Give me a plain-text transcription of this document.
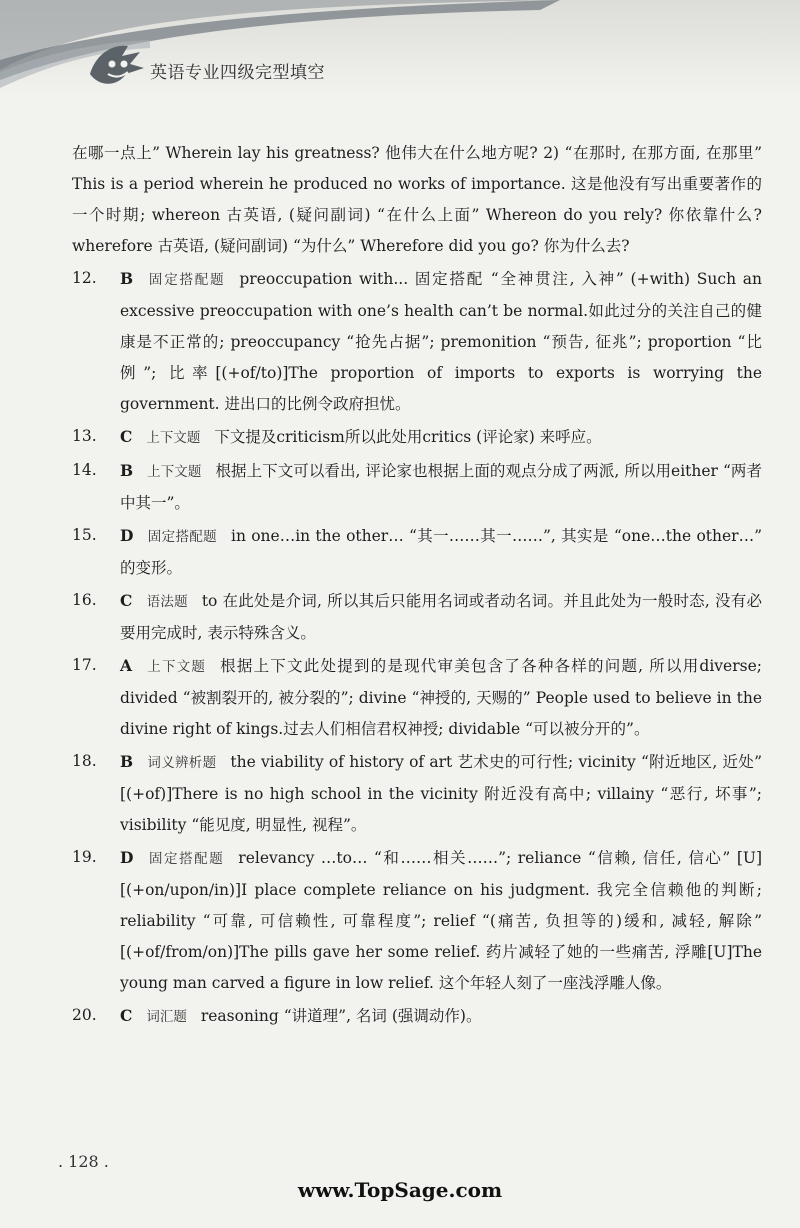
英语专业四级完型填空
在哪一点上” Wherein lay his greatness? 他伟大在什么地方呢? 2) “在那时, 在那方面, 在那里” This is a period wherein he produced no works of importance. 这是他没有写出重要著作的一个时期; whereon 古英语, (疑问副词) “在什么上面” Whereon do you rely? 你依靠什么? wherefore 古英语, (疑问副词) “为什么” Wherefore did you go? 你为什么去?
12.	B 固定搭配题 preoccupation with... 固定搭配 “全神贯注, 入神” (+with) Such an excessive preoccupation with one’s health can’t be normal.如此过分的关注自己的健康是不正常的; preoccupancy “抢先占据”; premonition “预告, 征兆”; proportion “比例”; 比率[(+of/to)]The proportion of imports to exports is worrying the government. 进出口的比例令政府担忧。
13.	C 上下文题 下文提及criticism所以此处用critics (评论家) 来呼应。
14.	B 上下文题 根据上下文可以看出, 评论家也根据上面的观点分成了两派, 所以用either “两者中其一”。
15.	D 固定搭配题 in one…in the other… “其一……其一……”, 其实是 “one…the other…” 的变形。
16.	C 语法题 to 在此处是介词, 所以其后只能用名词或者动名词。并且此处为一般时态, 没有必要用完成时, 表示特殊含义。
17.	A 上下文题 根据上下文此处提到的是现代审美包含了各种各样的问题, 所以用diverse; divided “被割裂开的, 被分裂的”; divine “神授的, 天赐的” People used to believe in the divine right of kings.过去人们相信君权神授; dividable “可以被分开的”。
18.	B 词义辨析题 the viability of history of art 艺术史的可行性; vicinity “附近地区, 近处” [(+of)]There is no high school in the vicinity 附近没有高中; villainy “恶行, 坏事”; visibility “能见度, 明显性, 视程”。
19.	D 固定搭配题 relevancy …to… “和……相关……”; reliance “信赖, 信任, 信心” [U][(+on/upon/in)]I place complete reliance on his judgment. 我完全信赖他的判断; reliability “可靠, 可信赖性, 可靠程度”; relief “(痛苦, 负担等的)缓和, 减轻, 解除” [(+of/from/on)]The pills gave her some relief. 药片减轻了她的一些痛苦, 浮雕[U]The young man carved a figure in low relief. 这个年轻人刻了一座浅浮雕人像。
20.	C 词汇题 reasoning “讲道理”, 名词 (强调动作)。
. 128 .
www.TopSage.com
